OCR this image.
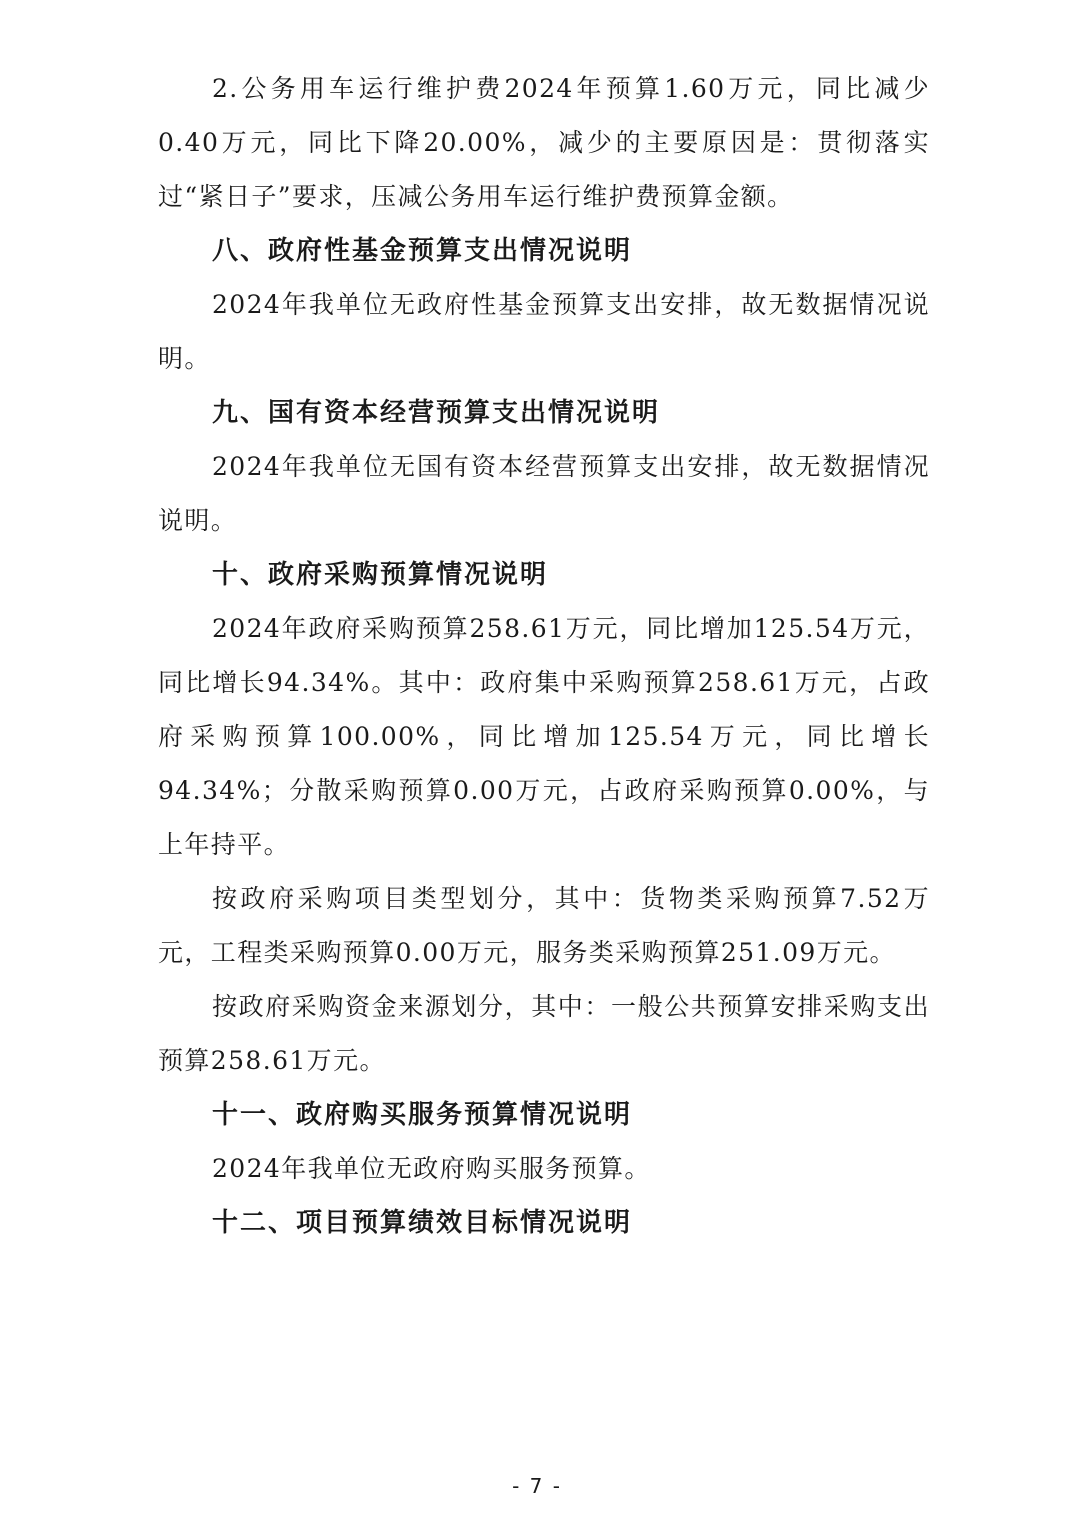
2.公务用车运行维护费2024年预算1.60万元，同比减少0.40万元，同比下降20.00%，减少的主要原因是：贯彻落实过“紧日子”要求，压减公务用车运行维护费预算金额。

八、政府性基金预算支出情况说明

2024年我单位无政府性基金预算支出安排，故无数据情况说明。

九、国有资本经营预算支出情况说明

2024年我单位无国有资本经营预算支出安排，故无数据情况说明。

十、政府采购预算情况说明

2024年政府采购预算258.61万元，同比增加125.54万元，同比增长94.34%。其中：政府集中采购预算258.61万元，占政府采购预算100.00%，同比增加125.54万元，同比增长94.34%；分散采购预算0.00万元，占政府采购预算0.00%，与上年持平。

按政府采购项目类型划分，其中：货物类采购预算7.52万元，工程类采购预算0.00万元，服务类采购预算251.09万元。

按政府采购资金来源划分，其中：一般公共预算安排采购支出预算258.61万元。

十一、政府购买服务预算情况说明

2024年我单位无政府购买服务预算。

十二、项目预算绩效目标情况说明
- 7 -
